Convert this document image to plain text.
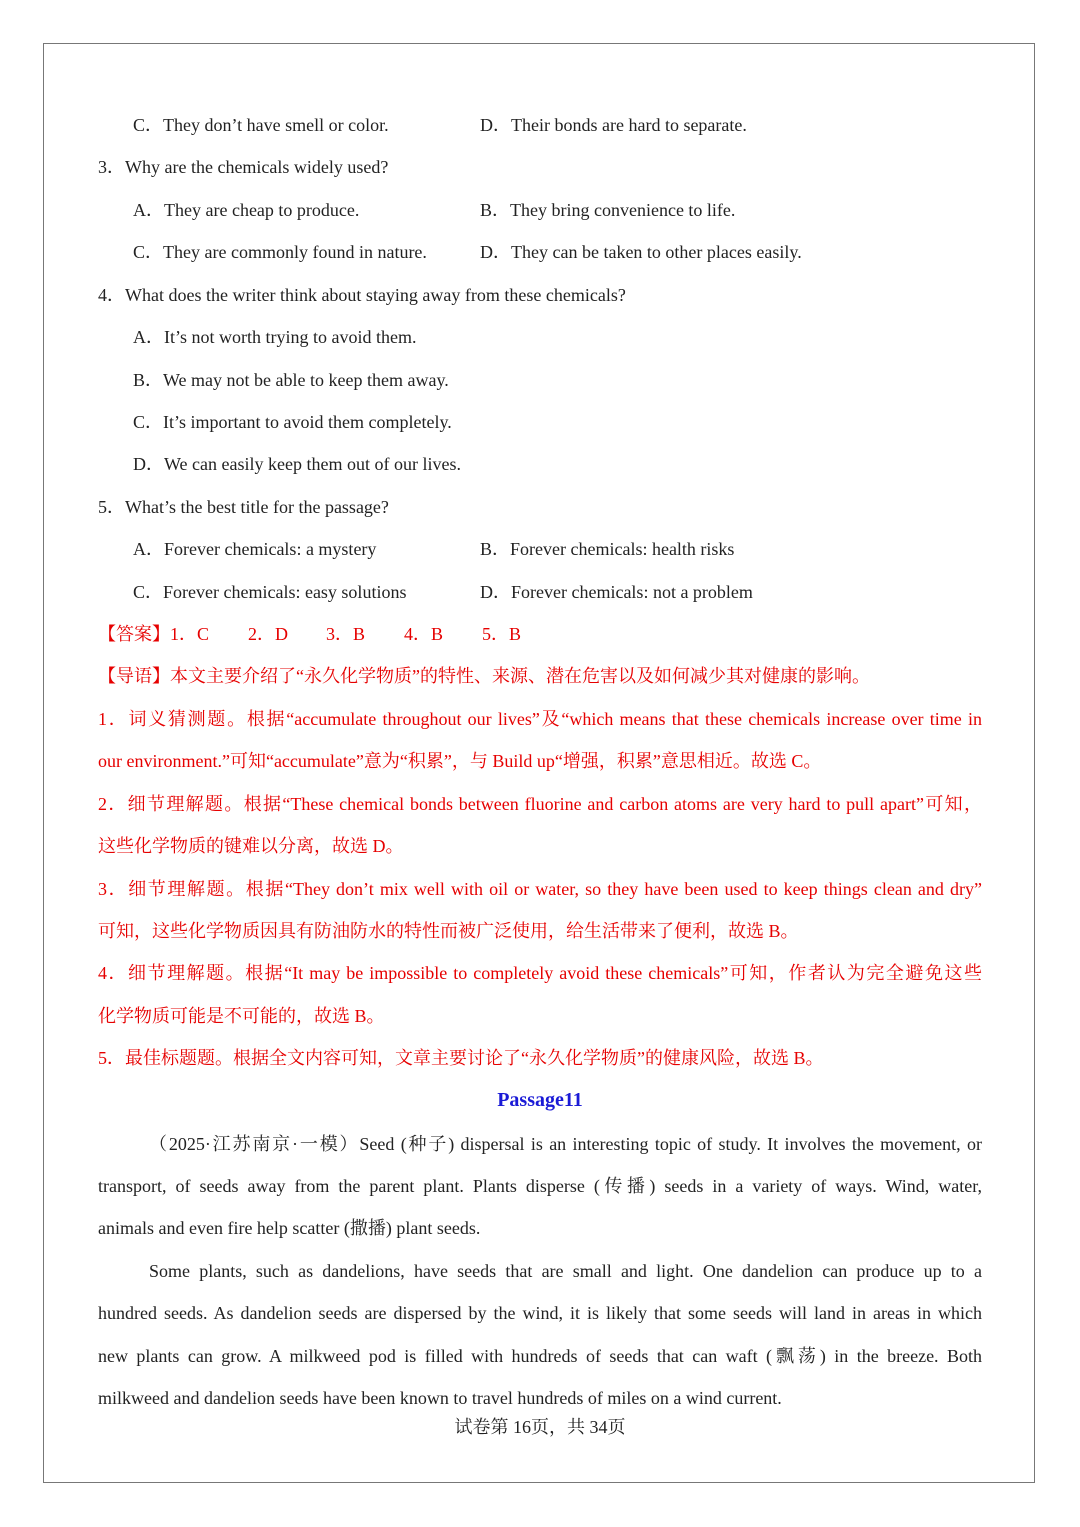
C．They don’t have smell or color.	D．Their bonds are hard to separate.
3．Why are the chemicals widely used?
A．They are cheap to produce.	B．They bring convenience to life.
C．They are commonly found in nature.	D．They can be taken to other places easily.
4．What does the writer think about staying away from these chemicals?
A．It’s not worth trying to avoid them.
B．We may not be able to keep them away.
C．It’s important to avoid them completely.
D．We can easily keep them out of our lives.
5．What’s the best title for the passage?
A．Forever chemicals: a mystery	B．Forever chemicals: health risks
C．Forever chemicals: easy solutions	D．Forever chemicals: not a problem
【答案】1．C 2．D 3．B 4．B 5．B
【导语】本文主要介绍了“永久化学物质”的特性、来源、潜在危害以及如何减少其对健康的影响。
1．词义猜测题。根据“accumulate throughout our lives”及“which means that these chemicals increase over time in
our environment.”可知“accumulate”意为“积累”，与 Build up“增强，积累”意思相近。故选 C。
2．细节理解题。根据“These chemical bonds between fluorine and carbon atoms are very hard to pull apart”可知，
这些化学物质的键难以分离，故选 D。
3．细节理解题。根据“They don’t mix well with oil or water, so they have been used to keep things clean and dry”
可知，这些化学物质因具有防油防水的特性而被广泛使用，给生活带来了便利，故选 B。
4．细节理解题。根据“It may be impossible to completely avoid these chemicals”可知，作者认为完全避免这些
化学物质可能是不可能的，故选 B。
5．最佳标题题。根据全文内容可知，文章主要讨论了“永久化学物质”的健康风险，故选 B。
Passage11
（2025·江苏南京·一模）Seed (种子) dispersal is an interesting topic of study. It involves the movement, or
transport, of seeds away from the parent plant. Plants disperse (传播) seeds in a variety of ways. Wind, water,
animals and even fire help scatter (撒播) plant seeds.
Some plants, such as dandelions, have seeds that are small and light. One dandelion can produce up to a
hundred seeds. As dandelion seeds are dispersed by the wind, it is likely that some seeds will land in areas in which
new plants can grow. A milkweed pod is filled with hundreds of seeds that can waft (飘荡) in the breeze. Both
milkweed and dandelion seeds have been known to travel hundreds of miles on a wind current.
试卷第 16页，共 34页
